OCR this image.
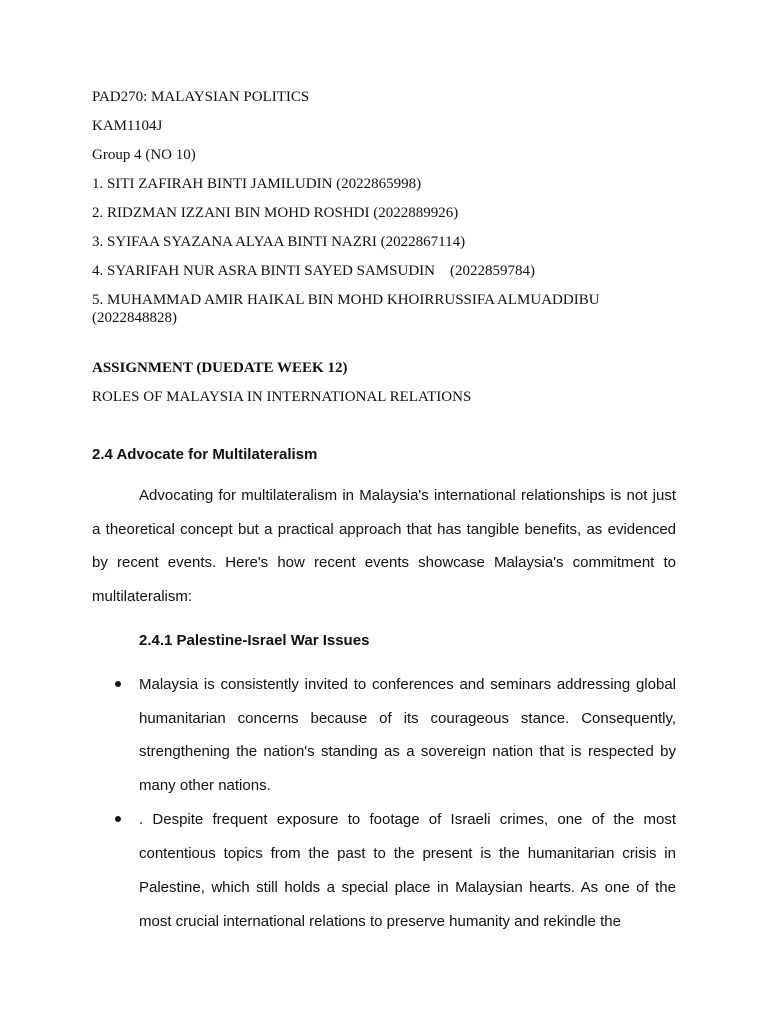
PAD270: MALAYSIAN POLITICS

KAM1104J

Group 4 (NO 10)

1. SITI ZAFIRAH BINTI JAMILUDIN (2022865998)

2. RIDZMAN IZZANI BIN MOHD ROSHDI (2022889926)

3. SYIFAA SYAZANA ALYAA BINTI NAZRI (2022867114)

4. SYARIFAH NUR ASRA BINTI SAYED SAMSUDIN    (2022859784)

5. MUHAMMAD AMIR HAIKAL BIN MOHD KHOIRRUSSIFA ALMUADDIBU (2022848828)

ASSIGNMENT (DUEDATE WEEK 12)

ROLES OF MALAYSIA IN INTERNATIONAL RELATIONS

2.4 Advocate for Multilateralism

Advocating for multilateralism in Malaysia's international relationships is not just a theoretical concept but a practical approach that has tangible benefits, as evidenced by recent events. Here's how recent events showcase Malaysia's commitment to multilateralism:

2.4.1 Palestine-Israel War Issues

Malaysia is consistently invited to conferences and seminars addressing global humanitarian concerns because of its courageous stance. Consequently, strengthening the nation's standing as a sovereign nation that is respected by many other nations.
. Despite frequent exposure to footage of Israeli crimes, one of the most contentious topics from the past to the present is the humanitarian crisis in Palestine, which still holds a special place in Malaysian hearts. As one of the most crucial international relations to preserve humanity and rekindle the
